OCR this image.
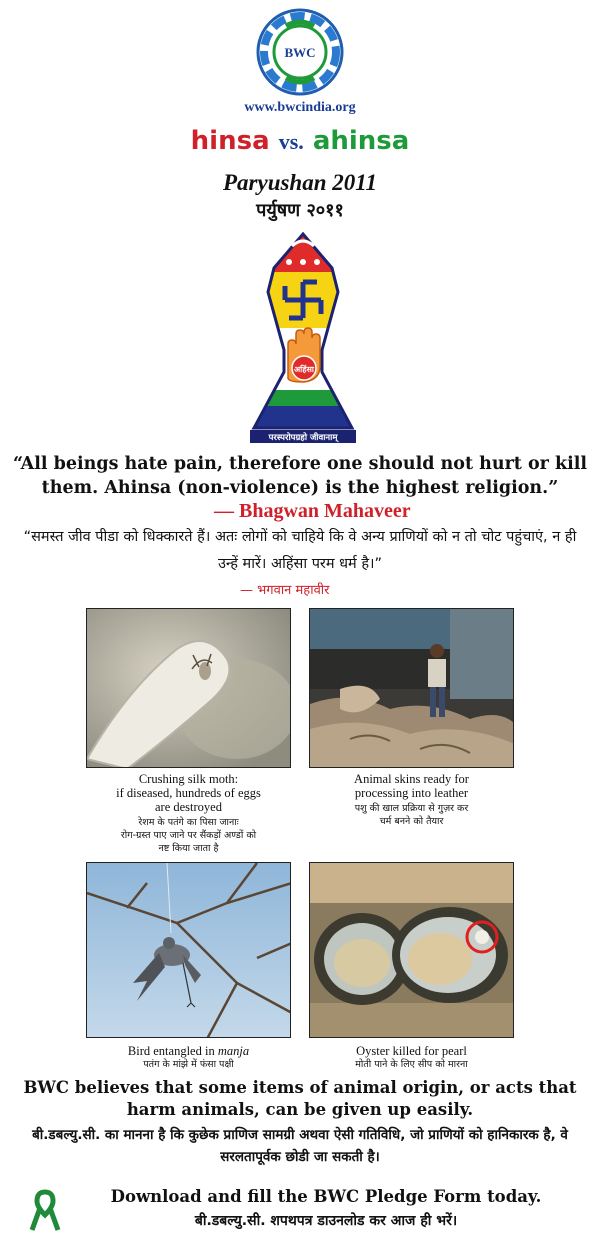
BWC
www.bwcindia.org
hinsa vs. ahinsa
Paryushan 2011
पर्युषण २०११
अहिंसा
परस्परोपग्रहो जीवानाम्
“All beings hate pain, therefore one should not hurt or kill them. Ahinsa (non-violence) is the highest religion.”
— Bhagwan Mahaveer
“समस्त जीव पीडा को धिक्कारते हैं। अतः लोगों को चाहिये कि वे अन्य प्राणियों को न तो चोट पहुंचाएं, न ही उन्हें मारें। अहिंसा परम धर्म है।”
— भगवान महावीर
Crushing silk moth:
if diseased, hundreds of eggs
are destroyed
रेशम के पतंगे का पिसा जानाः
रोग-ग्रस्त पाए जाने पर सैंकड़ों अण्डों को
नष्ट किया जाता है
Animal skins ready for
processing into leather
पशु की खाल प्रक्रिया से गुज़र कर
चर्म बनने को तैयार
Bird entangled in manja
पतंग के मांझे में फंसा पक्षी
Oyster killed for pearl
मोती पाने के लिए सीप को मारना
BWC believes that some items of animal origin, or acts that harm animals, can be given up easily.
बी.डबल्यु.सी. का मानना है कि कुछेक प्राणिज सामग्री अथवा ऐसी गतिविधि, जो प्राणियों को हानिकारक है, वे सरलतापूर्वक छोडी जा सकती है।
Download and fill the BWC Pledge Form today.
बी.डबल्यु.सी. शपथपत्र डाउनलोड कर आज ही भरें।
